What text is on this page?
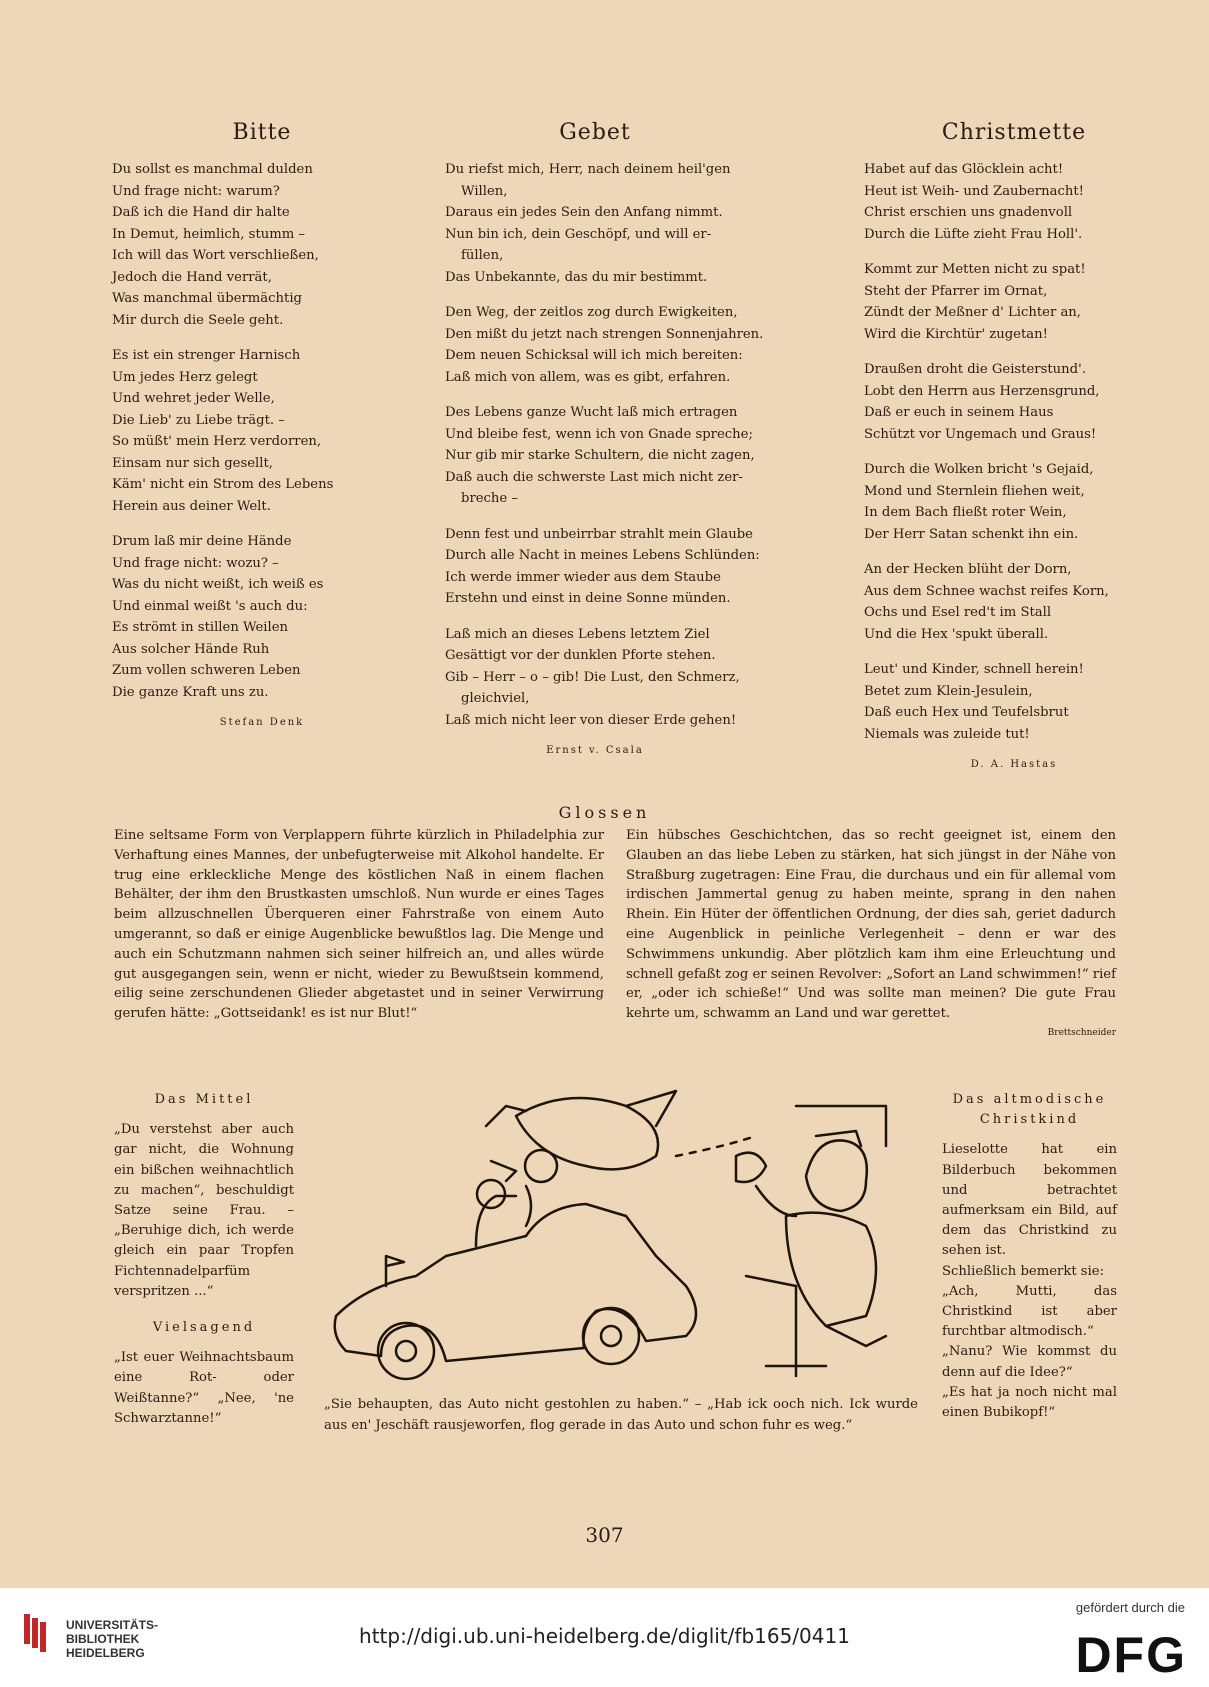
Bitte
Du sollst es manchmal dulden
Und frage nicht: warum?
Daß ich die Hand dir halte
In Demut, heimlich, stumm –
Ich will das Wort verschließen,
Jedoch die Hand verrät,
Was manchmal übermächtig
Mir durch die Seele geht.
Es ist ein strenger Harnisch
Um jedes Herz gelegt
Und wehret jeder Welle,
Die Lieb' zu Liebe trägt. –
So müßt' mein Herz verdorren,
Einsam nur sich gesellt,
Käm' nicht ein Strom des Lebens
Herein aus deiner Welt.
Drum laß mir deine Hände
Und frage nicht: wozu? –
Was du nicht weißt, ich weiß es
Und einmal weißt 's auch du:
Es strömt in stillen Weilen
Aus solcher Hände Ruh
Zum vollen schweren Leben
Die ganze Kraft uns zu.
Stefan Denk
Gebet
Du riefst mich, Herr, nach deinem heil'gen
Willen,
Daraus ein jedes Sein den Anfang nimmt.
Nun bin ich, dein Geschöpf, und will er-
füllen,
Das Unbekannte, das du mir bestimmt.
Den Weg, der zeitlos zog durch Ewigkeiten,
Den mißt du jetzt nach strengen Sonnenjahren.
Dem neuen Schicksal will ich mich bereiten:
Laß mich von allem, was es gibt, erfahren.
Des Lebens ganze Wucht laß mich ertragen
Und bleibe fest, wenn ich von Gnade spreche;
Nur gib mir starke Schultern, die nicht zagen,
Daß auch die schwerste Last mich nicht zer-
breche –
Denn fest und unbeirrbar strahlt mein Glaube
Durch alle Nacht in meines Lebens Schlünden:
Ich werde immer wieder aus dem Staube
Erstehn und einst in deine Sonne münden.
Laß mich an dieses Lebens letztem Ziel
Gesättigt vor der dunklen Pforte stehen.
Gib – Herr – o – gib! Die Lust, den Schmerz,
gleichviel,
Laß mich nicht leer von dieser Erde gehen!
Ernst v. Csala
Christmette
Habet auf das Glöcklein acht!
Heut ist Weih- und Zaubernacht!
Christ erschien uns gnadenvoll
Durch die Lüfte zieht Frau Holl'.
Kommt zur Metten nicht zu spat!
Steht der Pfarrer im Ornat,
Zündt der Meßner d' Lichter an,
Wird die Kirchtür' zugetan!
Draußen droht die Geisterstund'.
Lobt den Herrn aus Herzensgrund,
Daß er euch in seinem Haus
Schützt vor Ungemach und Graus!
Durch die Wolken bricht 's Gejaid,
Mond und Sternlein fliehen weit,
In dem Bach fließt roter Wein,
Der Herr Satan schenkt ihn ein.
An der Hecken blüht der Dorn,
Aus dem Schnee wachst reifes Korn,
Ochs und Esel red't im Stall
Und die Hex 'spukt überall.
Leut' und Kinder, schnell herein!
Betet zum Klein-Jesulein,
Daß euch Hex und Teufelsbrut
Niemals was zuleide tut!
D. A. Hastas
Glossen
Eine seltsame Form von Verplappern führte kürzlich in Philadelphia zur Verhaftung eines Mannes, der unbefugterweise mit Alkohol handelte. Er trug eine erkleckliche Menge des köstlichen Naß in einem flachen Behälter, der ihm den Brustkasten umschloß. Nun wurde er eines Tages beim allzuschnellen Überqueren einer Fahrstraße von einem Auto umgerannt, so daß er einige Augenblicke bewußtlos lag. Die Menge und auch ein Schutzmann nahmen sich seiner hilfreich an, und alles würde gut ausgegangen sein, wenn er nicht, wieder zu Bewußtsein kommend, eilig seine zerschundenen Glieder abgetastet und in seiner Verwirrung gerufen hätte: „Gottseidank! es ist nur Blut!“
Ein hübsches Geschichtchen, das so recht geeignet ist, einem den Glauben an das liebe Leben zu stärken, hat sich jüngst in der Nähe von Straßburg zugetragen: Eine Frau, die durchaus und ein für allemal vom irdischen Jammertal genug zu haben meinte, sprang in den nahen Rhein. Ein Hüter der öffentlichen Ordnung, der dies sah, geriet dadurch eine Augenblick in peinliche Verlegenheit – denn er war des Schwimmens unkundig. Aber plötzlich kam ihm eine Erleuchtung und schnell gefaßt zog er seinen Revolver: „Sofort an Land schwimmen!“ rief er, „oder ich schieße!“ Und was sollte man meinen? Die gute Frau kehrte um, schwamm an Land und war gerettet.
Brettschneider
Das Mittel

„Du verstehst aber auch gar nicht, die Wohnung ein bißchen weihnachtlich zu machen“, beschuldigt Satze seine Frau. – „Beruhige dich, ich werde gleich ein paar Tropfen Fichtennadelparfüm verspritzen ...“

Vielsagend

„Ist euer Weihnachtsbaum eine Rot- oder Weißtanne?“ „Nee, 'ne Schwarztanne!“

„Sie behaupten, das Auto nicht gestohlen zu haben.“ – „Hab ick ooch nich. Ick wurde aus en' Jeschäft rausjeworfen, flog gerade in das Auto und schon fuhr es weg.“
Das altmodische
Christkind

Lieselotte hat ein Bilderbuch bekommen und betrachtet aufmerksam ein Bild, auf dem das Christkind zu sehen ist.

Schließlich bemerkt sie:

„Ach, Mutti, das Christkind ist aber furchtbar altmodisch.“

„Nanu? Wie kommst du denn auf die Idee?“

„Es hat ja noch nicht mal einen Bubikopf!“

307
UNIVERSITÄTS-
BIBLIOTHEK
HEIDELBERG
http://digi.ub.uni-heidelberg.de/diglit/fb165/0411
gefördert durch die
DFG
